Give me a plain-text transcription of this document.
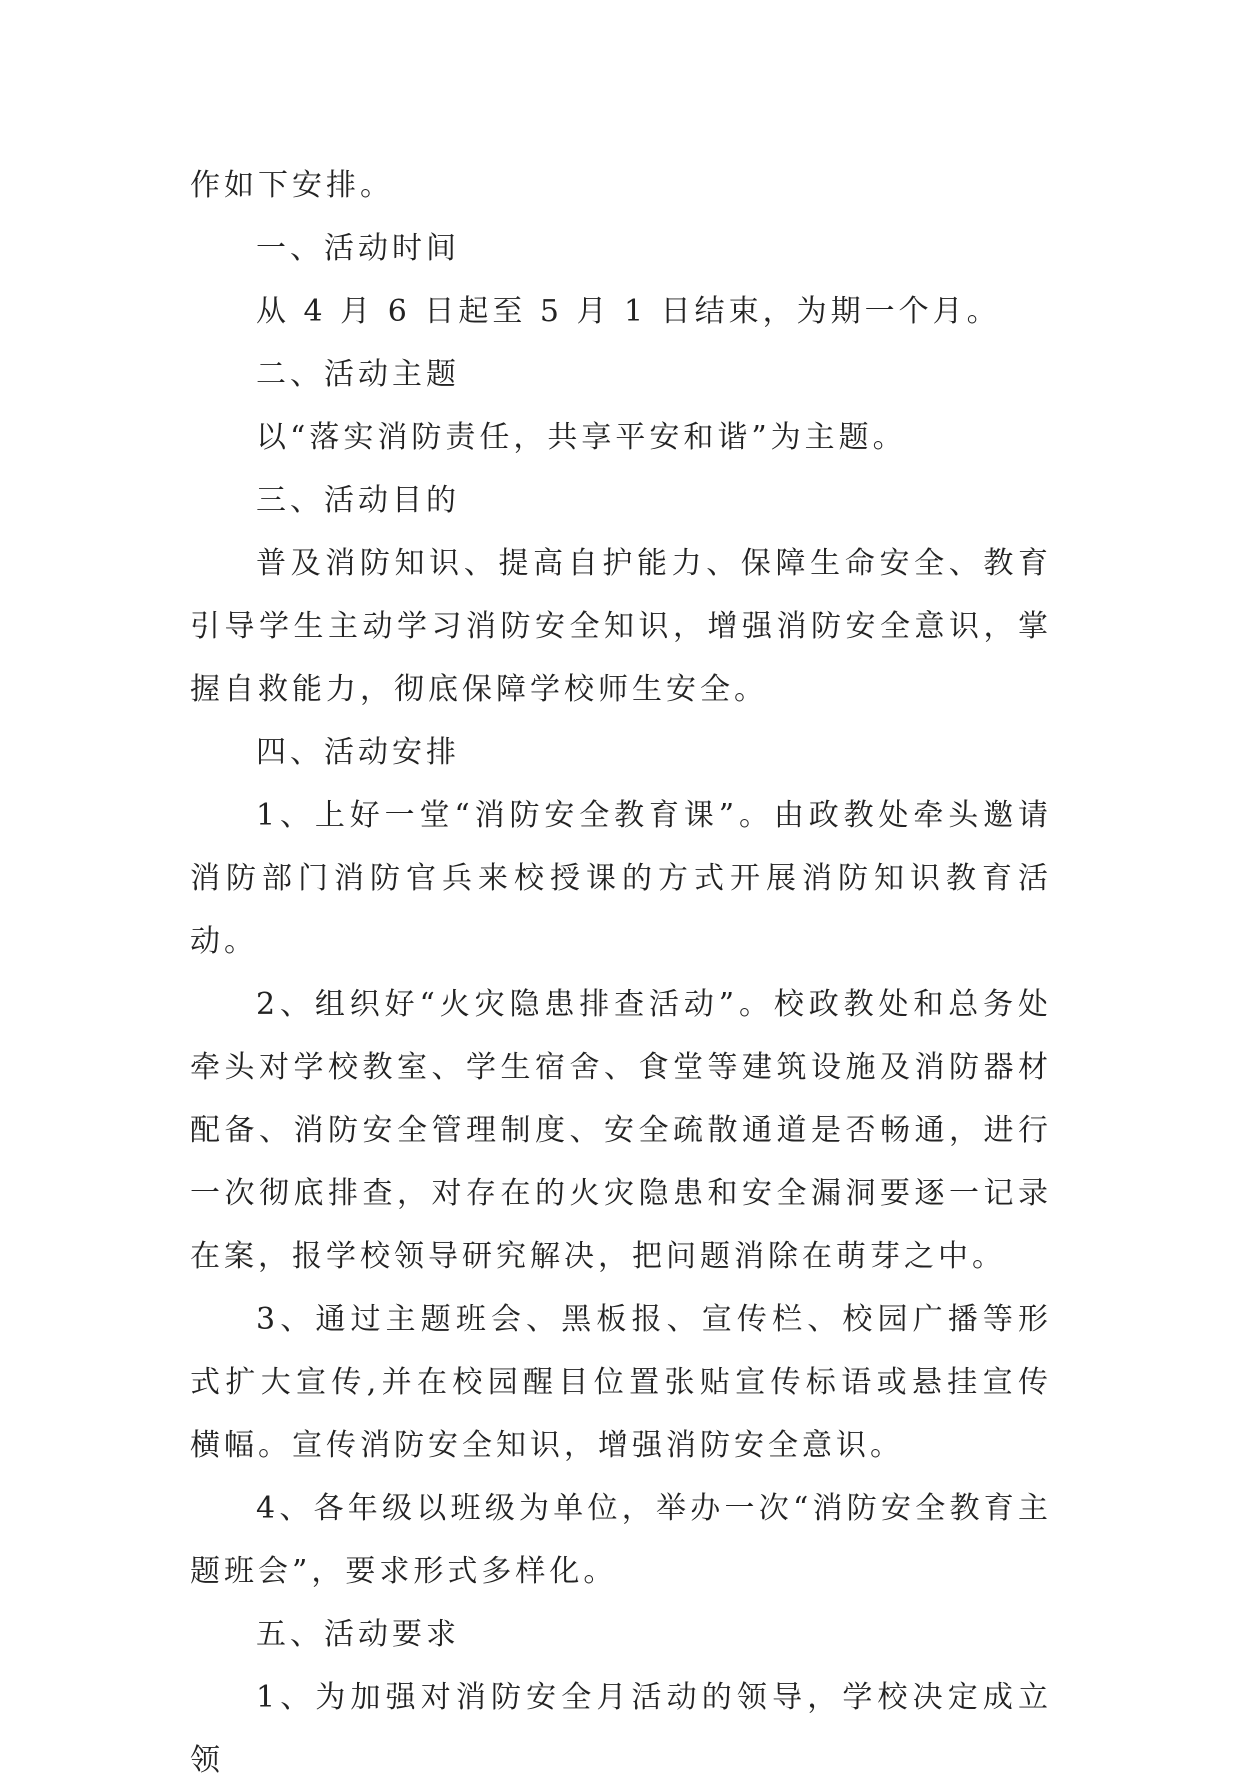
作如下安排。

一、活动时间

从 4 月 6 日起至 5 月 1 日结束，为期一个月。

二、活动主题

以“落实消防责任，共享平安和谐”为主题。

三、活动目的

普及消防知识、提高自护能力、保障生命安全、教育引导学生主动学习消防安全知识，增强消防安全意识，掌握自救能力，彻底保障学校师生安全。

四、活动安排

1、上好一堂“消防安全教育课”。由政教处牵头邀请消防部门消防官兵来校授课的方式开展消防知识教育活动。

2、组织好“火灾隐患排查活动”。校政教处和总务处牵头对学校教室、学生宿舍、食堂等建筑设施及消防器材配备、消防安全管理制度、安全疏散通道是否畅通，进行一次彻底排查，对存在的火灾隐患和安全漏洞要逐一记录在案，报学校领导研究解决，把问题消除在萌芽之中。

3、通过主题班会、黑板报、宣传栏、校园广播等形式扩大宣传,并在校园醒目位置张贴宣传标语或悬挂宣传横幅。宣传消防安全知识，增强消防安全意识。

4、各年级以班级为单位，举办一次“消防安全教育主题班会”，要求形式多样化。

五、活动要求

1、为加强对消防安全月活动的领导，学校决定成立领
